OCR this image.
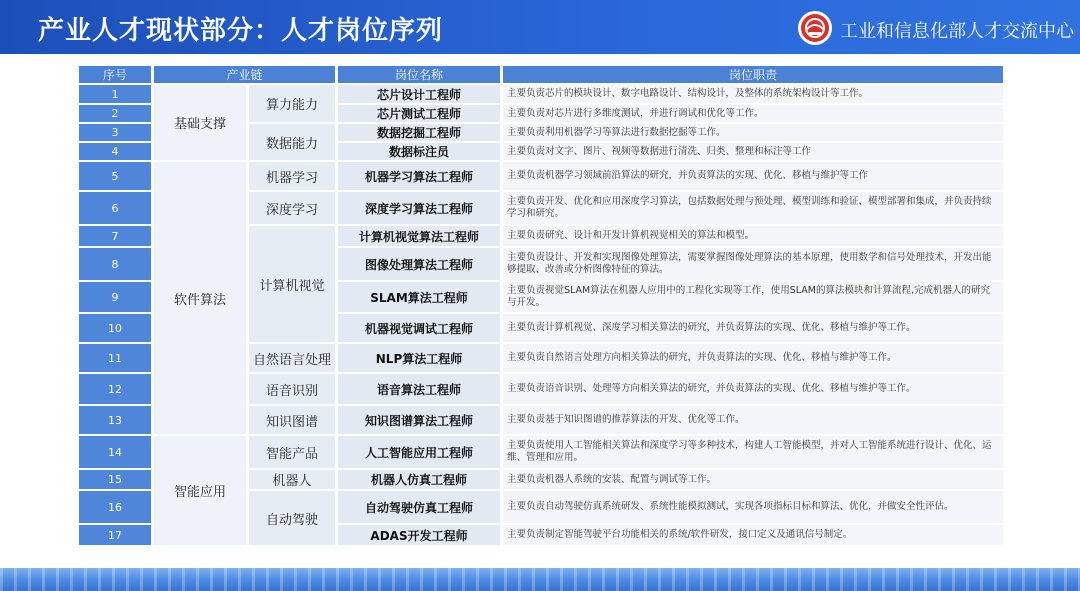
产业人才现状部分：人才岗位序列	工业和信息化部人才交流中心
序号	产业链		岗位名称	岗位职责
1	基础支撑	算力能力	芯片设计工程师	主要负责芯片的模块设计、数字电路设计、结构设计，及整体的系统架构设计等工作。
2			芯片测试工程师	主要负责对芯片进行多维度测试，并进行调试和优化等工作。
3		数据能力	数据挖掘工程师	主要负责利用机器学习等算法进行数据挖掘等工作。
4			数据标注员	主要负责对文字、图片、视频等数据进行清洗、归类、整理和标注等工作
5	软件算法	机器学习	机器学习算法工程师	主要负责机器学习领域前沿算法的研究，并负责算法的实现、优化、移植与维护等工作
6		深度学习	深度学习算法工程师	主要负责开发、优化和应用深度学习算法，包括数据处理与预处理、模型训练和验证、模型部署和集成，并负责持续学习和研究。
7		计算机视觉	计算机视觉算法工程师	主要负责研究、设计和开发计算机视觉相关的算法和模型。
8			图像处理算法工程师	主要负责设计、开发和实现图像处理算法，需要掌握图像处理算法的基本原理，使用数学和信号处理技术，开发出能够提取、改善或分析图像特征的算法。
9			SLAM算法工程师	主要负责视觉SLAM算法在机器人应用中的工程化实现等工作，使用SLAM的算法模块和计算流程,完成机器人的研究与开发。
10			机器视觉调试工程师	主要负责计算机视觉、深度学习相关算法的研究，并负责算法的实现、优化、移植与维护等工作。
11		自然语言处理	NLP算法工程师	主要负责自然语言处理方向相关算法的研究，并负责算法的实现、优化、移植与维护等工作。
12		语音识别	语音算法工程师	主要负责语音识别、处理等方向相关算法的研究，并负责算法的实现、优化、移植与维护等工作。
13		知识图谱	知识图谱算法工程师	主要负责基于知识图谱的推荐算法的开发、优化等工作。
14	智能应用	智能产品	人工智能应用工程师	主要负责使用人工智能相关算法和深度学习等多种技术，构建人工智能模型，并对人工智能系统进行设计、优化、运维、管理和应用。
15		机器人	机器人仿真工程师	主要负责机器人系统的安装、配置与调试等工作。
16		自动驾驶	自动驾驶仿真工程师	主要负责自动驾驶仿真系统研发、系统性能模拟测试，实现各项指标目标和算法、优化，并做安全性评估。
17			ADAS开发工程师	主要负责制定智能驾驶平台功能相关的系统/软件研发，接口定义及通讯信号制定。
